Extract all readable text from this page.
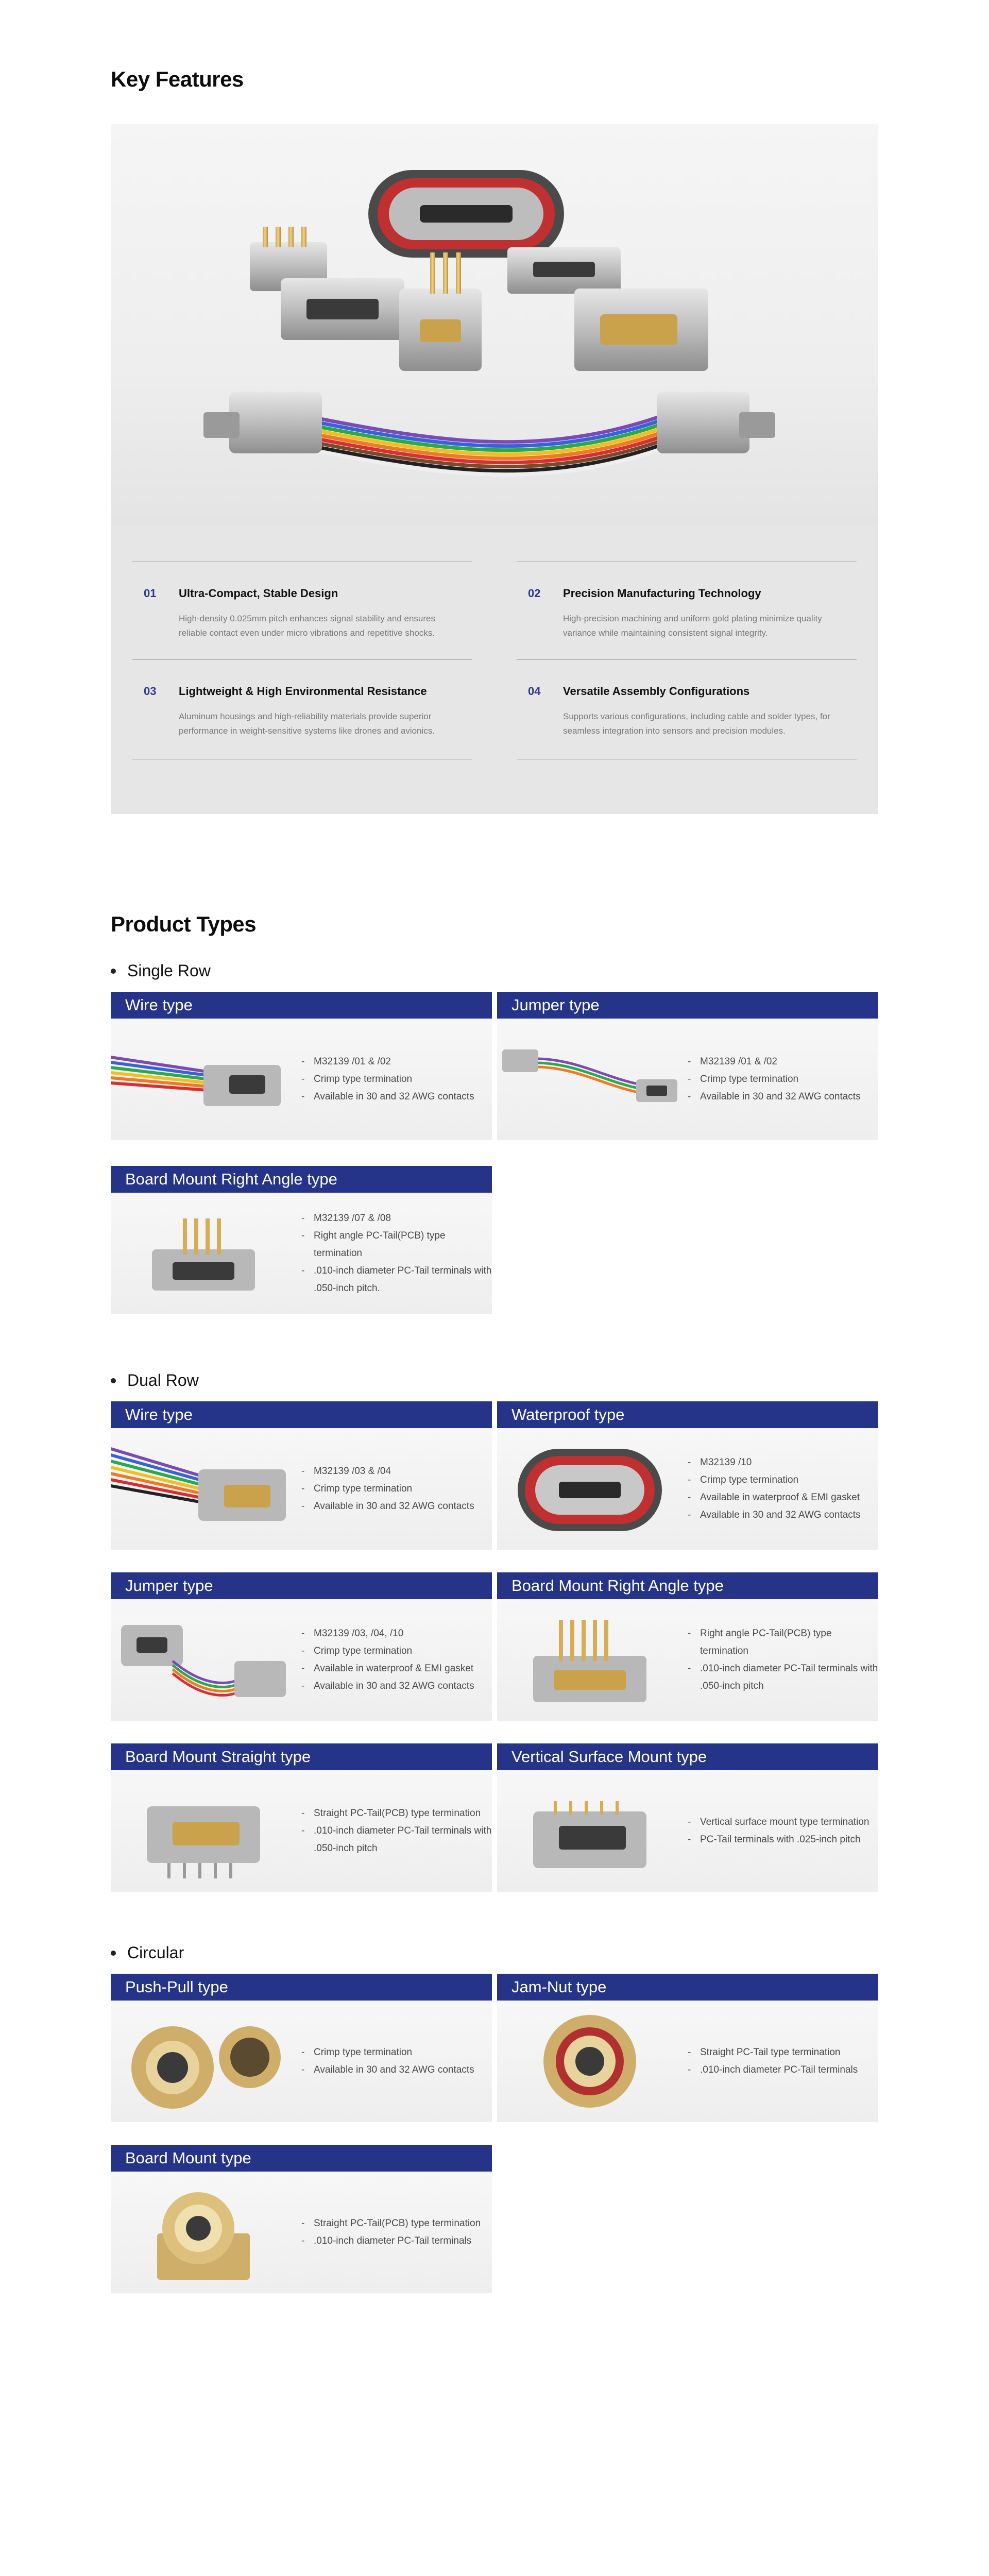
Key Features
01 Ultra-Compact, Stable Design
High-density 0.025mm pitch enhances signal stability and ensures reliable contact even under micro vibrations and repetitive shocks.
02 Precision Manufacturing Technology
High-precision machining and uniform gold plating minimize quality variance while maintaining consistent signal integrity.
03 Lightweight & High Environmental Resistance
Aluminum housings and high-reliability materials provide superior performance in weight-sensitive systems like drones and avionics.
04 Versatile Assembly Configurations
Supports various configurations, including cable and solder types, for seamless integration into sensors and precision modules.
Product Types
Single Row
Wire type
- M32139 /01 & /02
- Crimp type termination
- Available in 30 and 32 AWG contacts
Jumper type
- M32139 /01 & /02
- Crimp type termination
- Available in 30 and 32 AWG contacts
Board Mount Right Angle type
- M32139 /07 & /08
- Right angle PC-Tail(PCB) type termination
- .010-inch diameter PC-Tail terminals with .050-inch pitch.
Dual Row
Wire type
- M32139 /03 & /04
- Crimp type termination
- Available in 30 and 32 AWG contacts
Waterproof type
- M32139 /10
- Crimp type termination
- Available in waterproof & EMI gasket
- Available in 30 and 32 AWG contacts
Jumper type
- M32139 /03, /04, /10
- Crimp type termination
- Available in waterproof & EMI gasket
- Available in 30 and 32 AWG contacts
Board Mount Right Angle type
- Right angle PC-Tail(PCB) type termination
- .010-inch diameter PC-Tail terminals with .050-inch pitch
Board Mount Straight type
- Straight PC-Tail(PCB) type termination
- .010-inch diameter PC-Tail terminals with .050-inch pitch
Vertical Surface Mount type
- Vertical surface mount type termination
- PC-Tail terminals with .025-inch pitch
Circular
Push-Pull type
- Crimp type termination
- Available in 30 and 32 AWG contacts
Jam-Nut type
- Straight PC-Tail type termination
- .010-inch diameter PC-Tail terminals
Board Mount type
- Straight PC-Tail(PCB) type termination
- .010-inch diameter PC-Tail terminals
